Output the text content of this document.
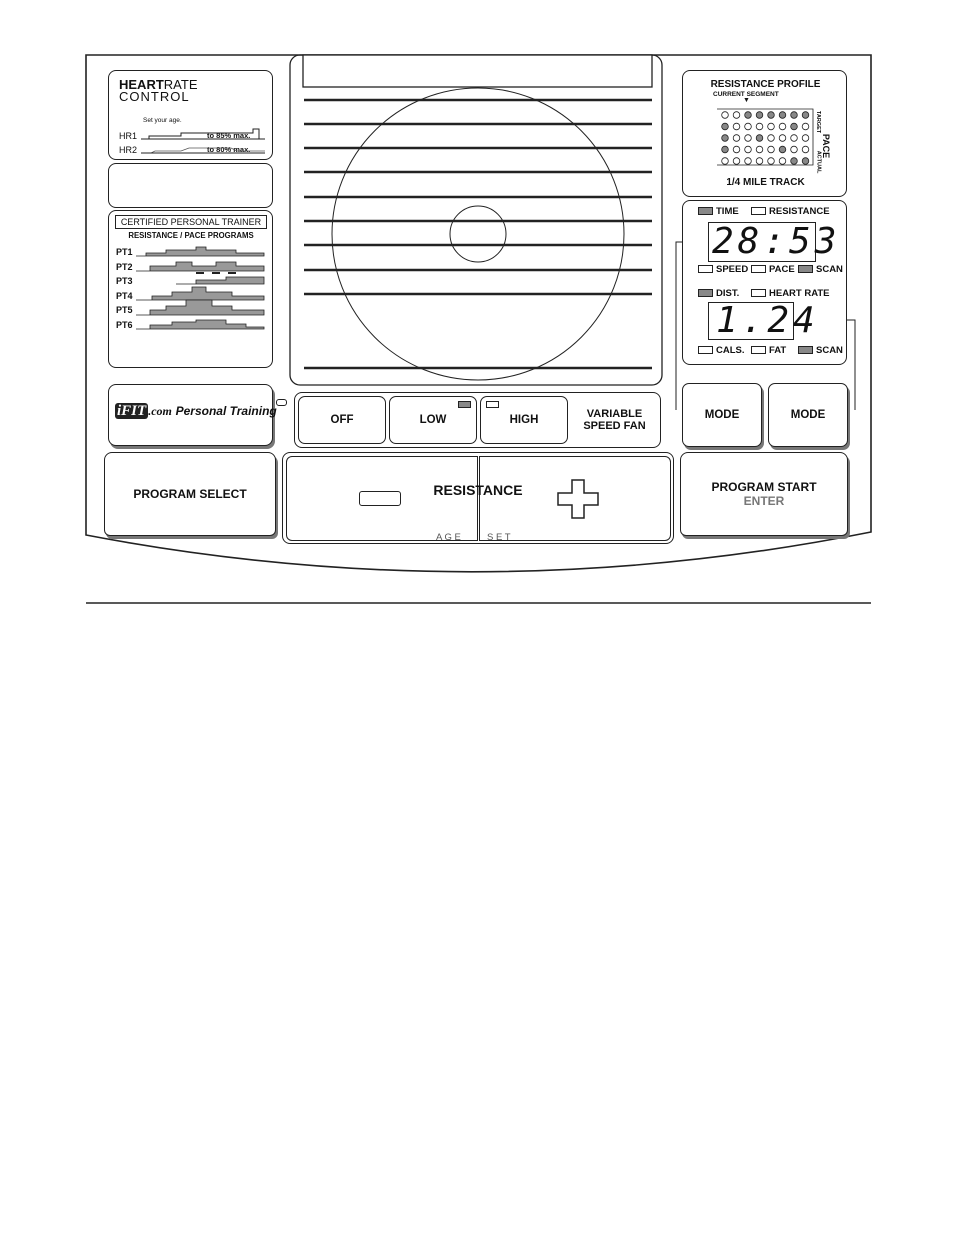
HEARTRATE
CONTROL
Set your age.
HR1	to 85% max.
HR2	to 80% max.
CERTIFIED PERSONAL TRAINER
RESISTANCE / PACE PROGRAMS
PT1
PT2
PT3
PT4
PT5
PT6
iFIT .com Personal Training
RESISTANCE PROFILE
CURRENT SEGMENT
▼
PACE
TARGET
ACTUAL
1/4 MILE TRACK
TIME	RESISTANCE
28:53
SPEED	PACE	SCAN
DIST.	HEART RATE
1.24
CALS.	FAT	SCAN
OFF	LOW	HIGH	VARIABLE
SPEED FAN
MODE	MODE
PROGRAM SELECT	RESISTANCE
A G E	S E T
PROGRAM START
ENTER
